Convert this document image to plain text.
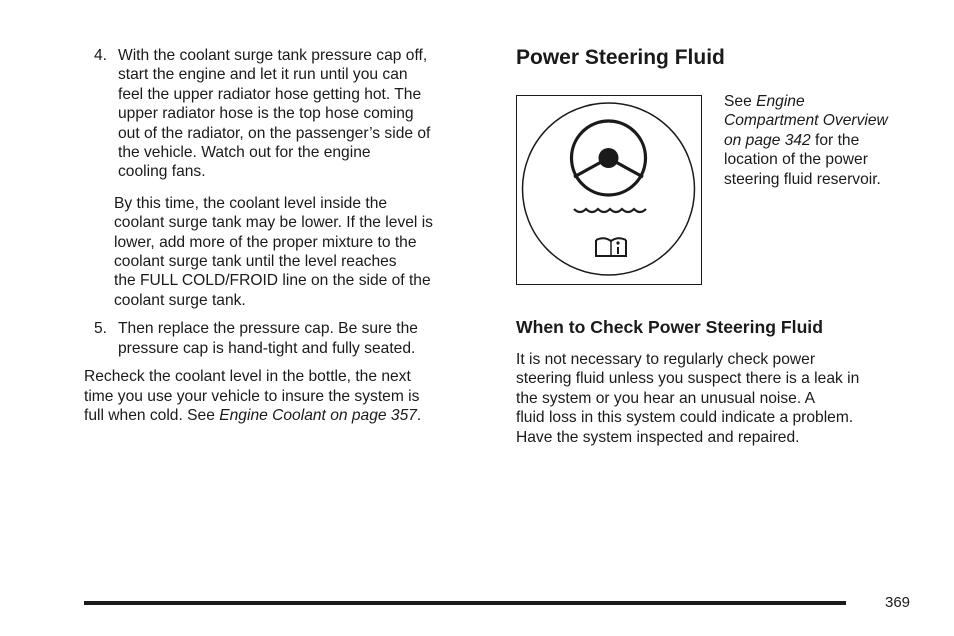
4. With the coolant surge tank pressure cap off,
start the engine and let it run until you can
feel the upper radiator hose getting hot. The
upper radiator hose is the top hose coming
out of the radiator, on the passenger’s side of
the vehicle. Watch out for the engine
cooling fans.
By this time, the coolant level inside the
coolant surge tank may be lower. If the level is
lower, add more of the proper mixture to the
coolant surge tank until the level reaches
the FULL COLD/FROID line on the side of the
coolant surge tank.
5. Then replace the pressure cap. Be sure the
pressure cap is hand-tight and fully seated.
Recheck the coolant level in the bottle, the next
time you use your vehicle to insure the system is
full when cold. See Engine Coolant on page 357.
Power Steering Fluid
See Engine
Compartment Overview
on page 342 for the
location of the power
steering fluid reservoir.
When to Check Power Steering Fluid
It is not necessary to regularly check power
steering fluid unless you suspect there is a leak in
the system or you hear an unusual noise. A
fluid loss in this system could indicate a problem.
Have the system inspected and repaired.
369
